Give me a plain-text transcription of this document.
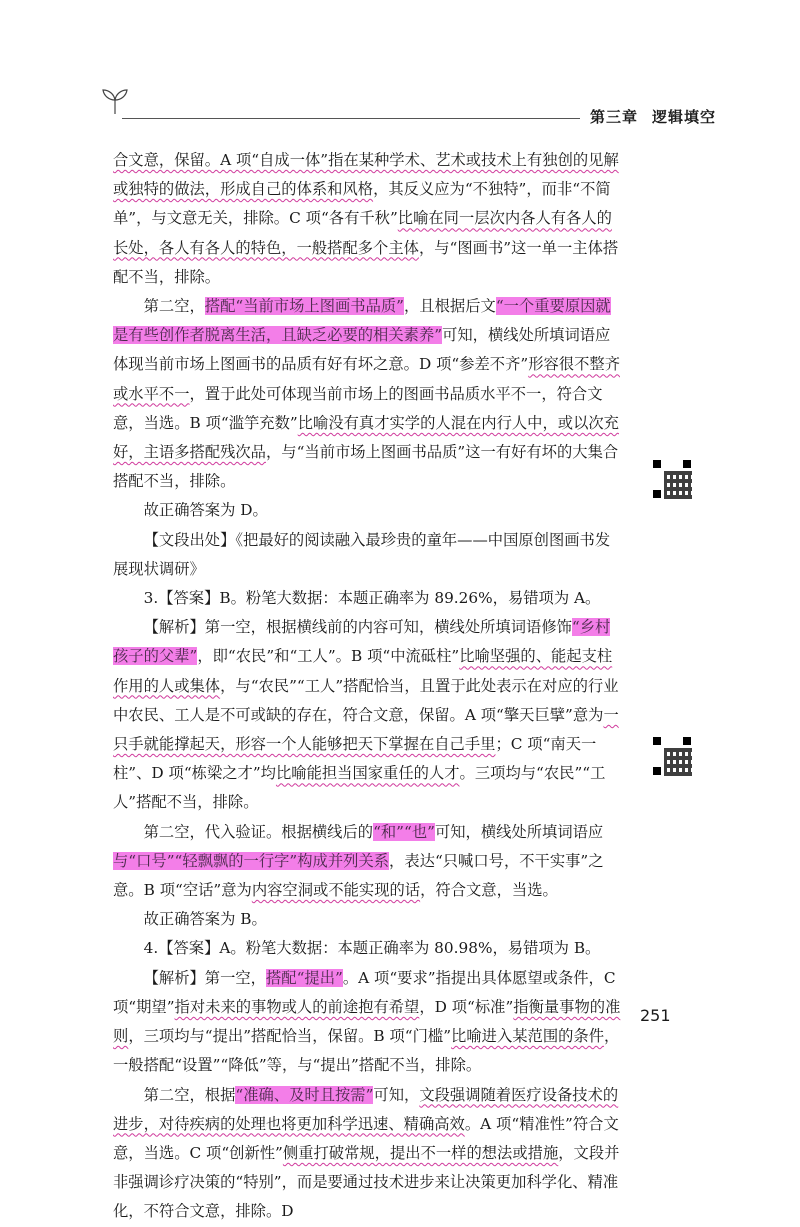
第三章 逻辑填空

合文意，保留。A 项“自成一体”指在某种学术、艺术或技术上有独创的见解或独特的做法，形成自己的体系和风格，其反义应为“不独特”，而非“不简单”，与文意无关，排除。C 项“各有千秋”比喻在同一层次内各人有各人的长处，各人有各人的特色，一般搭配多个主体，与“图画书”这一单一主体搭配不当，排除。

第二空，搭配“当前市场上图画书品质”，且根据后文“一个重要原因就是有些创作者脱离生活，且缺乏必要的相关素养”可知，横线处所填词语应体现当前市场上图画书的品质有好有坏之意。D 项“参差不齐”形容很不整齐或水平不一，置于此处可体现当前市场上的图画书品质水平不一，符合文意，当选。B 项“滥竽充数”比喻没有真才实学的人混在内行人中，或以次充好，主语多搭配残次品，与“当前市场上图画书品质”这一有好有坏的大集合搭配不当，排除。

故正确答案为 D。

【文段出处】《把最好的阅读融入最珍贵的童年——中国原创图画书发展现状调研》

3.【答案】B。粉笔大数据：本题正确率为 89.26%，易错项为 A。

【解析】第一空，根据横线前的内容可知，横线处所填词语修饰“乡村孩子的父辈”，即“农民”和“工人”。B 项“中流砥柱”比喻坚强的、能起支柱作用的人或集体，与“农民”“工人”搭配恰当，且置于此处表示在对应的行业中农民、工人是不可或缺的存在，符合文意，保留。A 项“擎天巨擘”意为一只手就能撑起天，形容一个人能够把天下掌握在自己手里；C 项“南天一柱”、D 项“栋梁之才”均比喻能担当国家重任的人才。三项均与“农民”“工人”搭配不当，排除。

第二空，代入验证。根据横线后的“和”“也”可知，横线处所填词语应与“口号”“轻飘飘的一行字”构成并列关系，表达“只喊口号，不干实事”之意。B 项“空话”意为内容空洞或不能实现的话，符合文意，当选。

故正确答案为 B。

4.【答案】A。粉笔大数据：本题正确率为 80.98%，易错项为 B。

【解析】第一空，搭配“提出”。A 项“要求”指提出具体愿望或条件，C 项“期望”指对未来的事物或人的前途抱有希望，D 项“标准”指衡量事物的准则，三项均与“提出”搭配恰当，保留。B 项“门槛”比喻进入某范围的条件，一般搭配“设置”“降低”等，与“提出”搭配不当，排除。

第二空，根据“准确、及时且按需”可知，文段强调随着医疗设备技术的进步，对待疾病的处理也将更加科学迅速、精确高效。A 项“精准性”符合文意，当选。C 项“创新性”侧重打破常规，提出不一样的想法或措施，文段并非强调诊疗决策的“特别”，而是要通过技术进步来让决策更加科学化、精准化，不符合文意，排除。D

251
